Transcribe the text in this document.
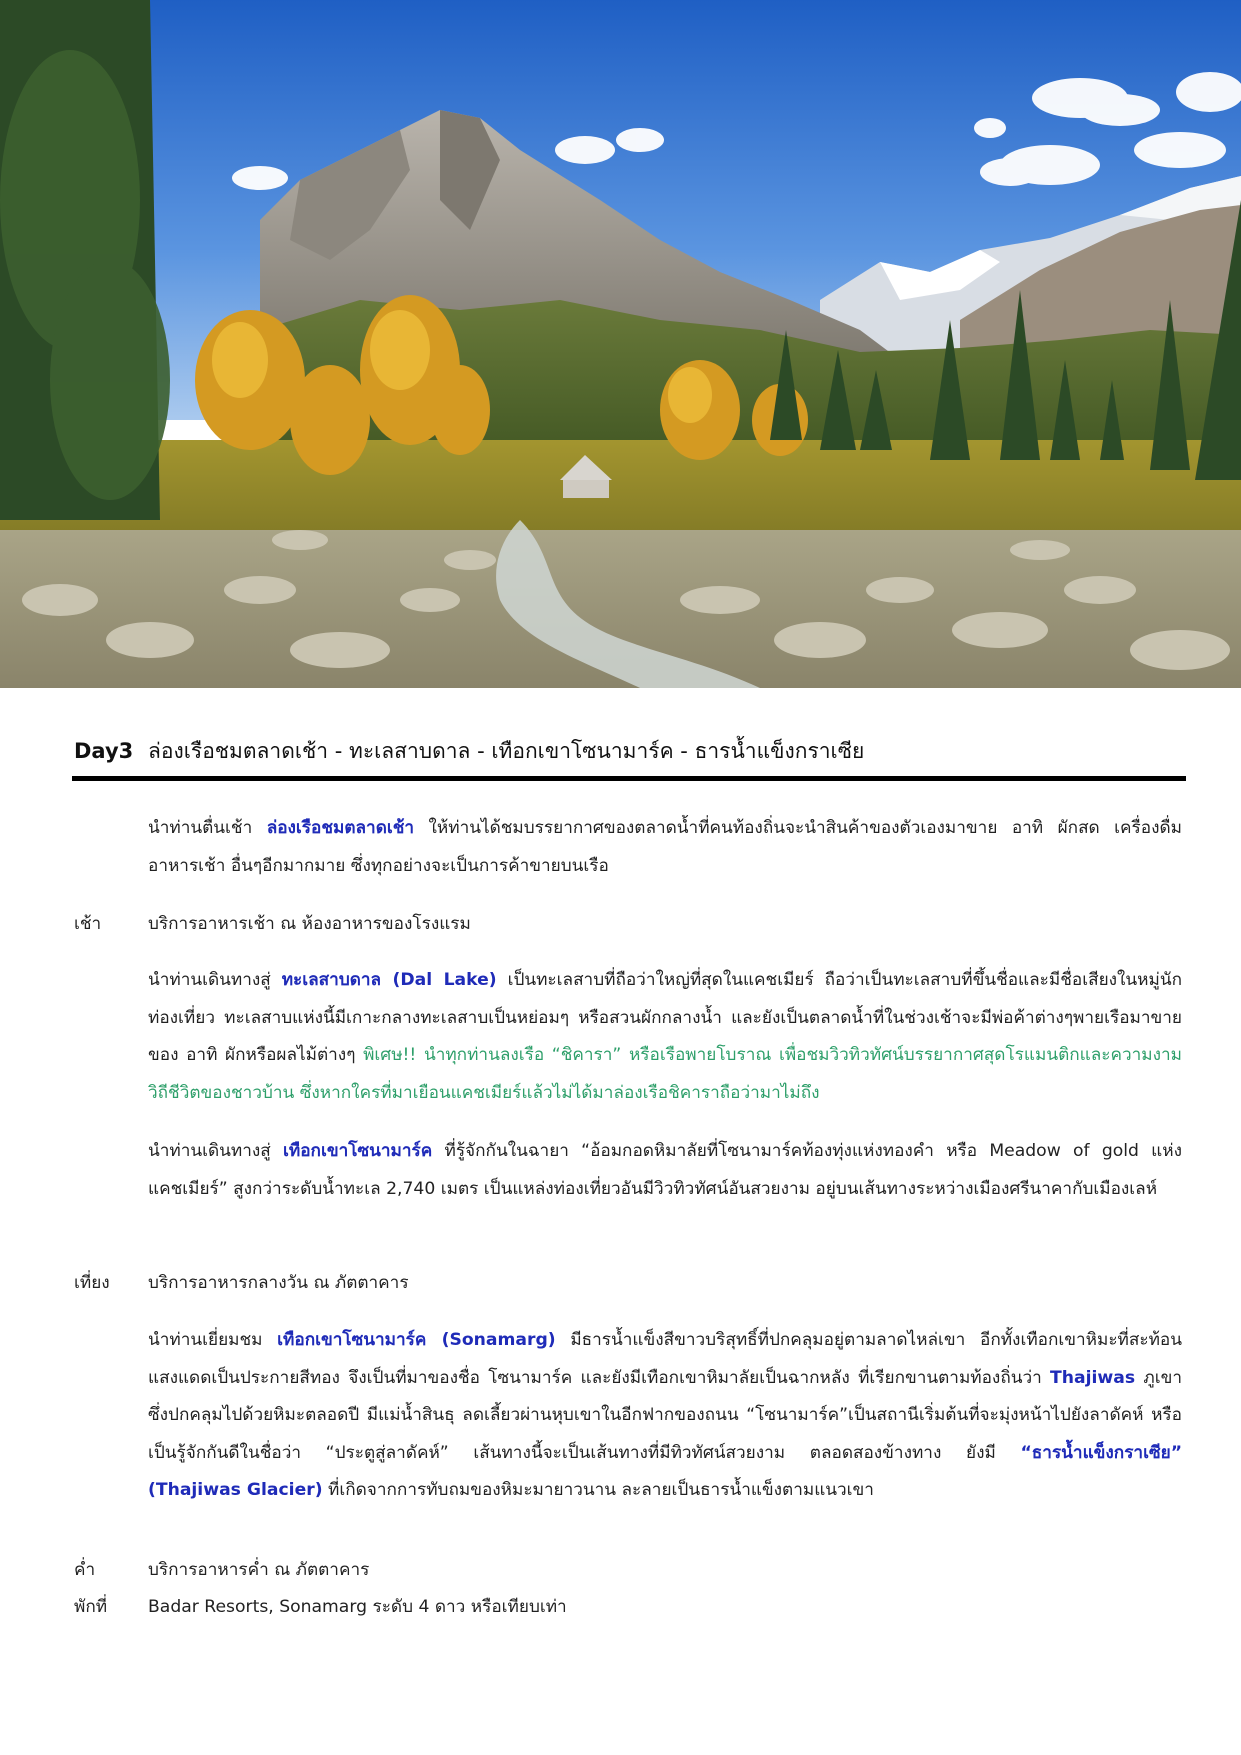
Day3 ล่องเรือชมตลาดเช้า - ทะเลสาบดาล - เทือกเขาโซนามาร์ค - ธารน้ำแข็งกราเซีย
นำท่านตื่นเช้า ล่องเรือชมตลาดเช้า ให้ท่านได้ชมบรรยากาศของตลาดน้ำที่คนท้องถิ่นจะนำสินค้าของตัวเองมาขาย อาทิ ผักสด เครื่องดื่ม อาหารเช้า อื่นๆอีกมากมาย ซึ่งทุกอย่างจะเป็นการค้าขายบนเรือ
เช้า	บริการอาหารเช้า ณ ห้องอาหารของโรงแรม
นำท่านเดินทางสู่ ทะเลสาบดาล (Dal Lake) เป็นทะเลสาบที่ถือว่าใหญ่ที่สุดในแคชเมียร์ ถือว่าเป็นทะเลสาบที่ขึ้นชื่อและมีชื่อเสียงในหมู่นักท่องเที่ยว ทะเลสาบแห่งนี้มีเกาะกลางทะเลสาบเป็นหย่อมๆ หรือสวนผักกลางน้ำ และยังเป็นตลาดน้ำที่ในช่วงเช้าจะมีพ่อค้าต่างๆพายเรือมาขายของ อาทิ ผักหรือผลไม้ต่างๆ พิเศษ!! นำทุกท่านลงเรือ “ชิคารา” หรือเรือพายโบราณ เพื่อชมวิวทิวทัศน์บรรยากาศสุดโรแมนติกและความงามวิถีชีวิตของชาวบ้าน ซึ่งหากใครที่มาเยือนแคชเมียร์แล้วไม่ได้มาล่องเรือชิคาราถือว่ามาไม่ถึง
นำท่านเดินทางสู่ เทือกเขาโซนามาร์ค ที่รู้จักกันในฉายา “อ้อมกอดหิมาลัยที่โซนามาร์คท้องทุ่งแห่งทองคำ หรือ Meadow of gold แห่งแคชเมียร์” สูงกว่าระดับน้ำทะเล 2,740 เมตร เป็นแหล่งท่องเที่ยวอันมีวิวทิวทัศน์อันสวยงาม อยู่บนเส้นทางระหว่างเมืองศรีนาคากับเมืองเลห์
เที่ยง บริการอาหารกลางวัน ณ ภัตตาคาร
นำท่านเยี่ยมชม เทือกเขาโซนามาร์ค (Sonamarg) มีธารน้ำแข็งสีขาวบริสุทธิ์ที่ปกคลุมอยู่ตามลาดไหล่เขา อีกทั้งเทือกเขาหิมะที่สะท้อนแสงแดดเป็นประกายสีทอง จึงเป็นที่มาของชื่อ โซนามาร์ค และยังมีเทือกเขาหิมาลัยเป็นฉากหลัง ที่เรียกขานตามท้องถิ่นว่า Thajiwas ภูเขาซึ่งปกคลุมไปด้วยหิมะตลอดปี มีแม่น้ำสินธุ ลดเลี้ยวผ่านหุบเขาในอีกฟากของถนน “โซนามาร์ค”เป็นสถานีเริ่มต้นที่จะมุ่งหน้าไปยังลาดัคห์ หรือเป็นรู้จักกันดีในชื่อว่า “ประตูสู่ลาดัคห์” เส้นทางนี้จะเป็นเส้นทางที่มีทิวทัศน์สวยงาม ตลอดสองข้างทาง ยังมี “ธารน้ำแข็งกราเซีย” (Thajiwas Glacier) ที่เกิดจากการทับถมของหิมะมายาวนาน ละลายเป็นธารน้ำแข็งตามแนวเขา
ค่ำ	บริการอาหารค่ำ ณ ภัตตาคาร
พักที่ Badar Resorts, Sonamarg ระดับ 4 ดาว หรือเทียบเท่า
